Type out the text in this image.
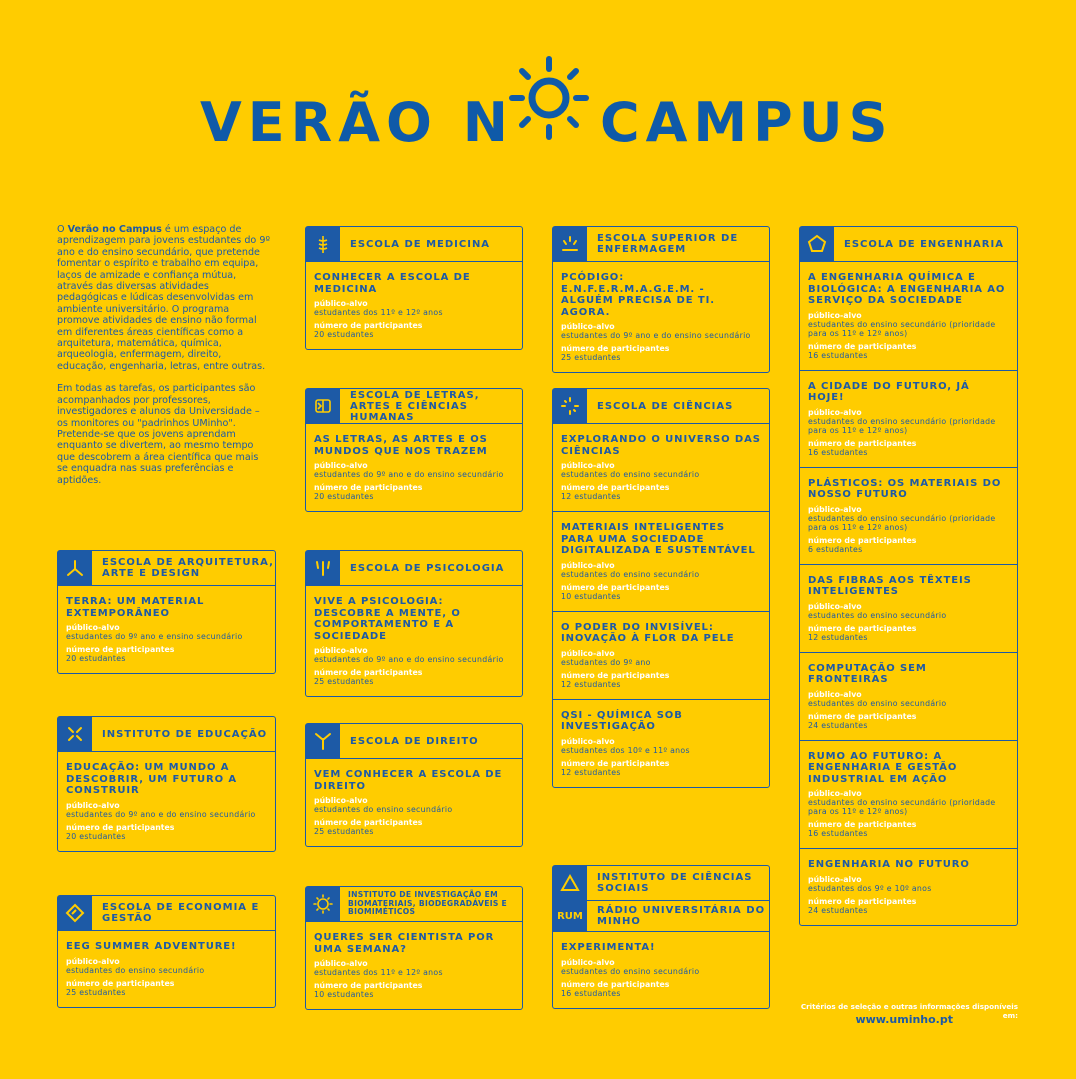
VERÃO N CAMPUS

O Verão no Campus é um espaço de aprendizagem para jovens estudantes do 9º ano e do ensino secundário, que pretende fomentar o espírito e trabalho em equipa, laços de amizade e confiança mútua, através das diversas atividades pedagógicas e lúdicas desenvolvidas em ambiente universitário. O programa promove atividades de ensino não formal em diferentes áreas científicas como a arquitetura, matemática, química, arqueologia, enfermagem, direito, educação, engenharia, letras, entre outras.

Em todas as tarefas, os participantes são acompanhados por professores, investigadores e alunos da Universidade – os monitores ou "padrinhos UMinho". Pretende-se que os jovens aprendam enquanto se divertem, ao mesmo tempo que descobrem a área científica que mais se enquadra nas suas preferências e aptidões.

ESCOLA DE MEDICINA
CONHECER A ESCOLA DE MEDICINA
público-alvo
estudantes dos 11º e 12º anos
número de participantes
20 estudantes
ESCOLA DE LETRAS, ARTES E CIÊNCIAS HUMANAS
AS LETRAS, AS ARTES E OS MUNDOS QUE NOS TRAZEM
público-alvo
estudantes do 9º ano e do ensino secundário
número de participantes
20 estudantes
ESCOLA DE ARQUITETURA, ARTE E DESIGN
TERRA: UM MATERIAL EXTEMPORÂNEO
público-alvo
estudantes do 9º ano e ensino secundário
número de participantes
20 estudantes
ESCOLA DE PSICOLOGIA
VIVE A PSICOLOGIA: DESCOBRE A MENTE, O COMPORTAMENTO E A SOCIEDADE
público-alvo
estudantes do 9º ano e do ensino secundário
número de participantes
25 estudantes
INSTITUTO DE EDUCAÇÃO
EDUCAÇÃO: UM MUNDO A DESCOBRIR, UM FUTURO A CONSTRUIR
público-alvo
estudantes do 9º ano e do ensino secundário
número de participantes
20 estudantes
ESCOLA DE DIREITO
VEM CONHECER A ESCOLA DE DIREITO
público-alvo
estudantes do ensino secundário
número de participantes
25 estudantes
ESCOLA DE ECONOMIA E GESTÃO
EEG SUMMER ADVENTURE!
público-alvo
estudantes do ensino secundário
número de participantes
25 estudantes
INSTITUTO DE INVESTIGAÇÃO EM BIOMATERIAIS, BIODEGRADÁVEIS E BIOMIMÉTICOS
QUERES SER CIENTISTA POR UMA SEMANA?
público-alvo
estudantes dos 11º e 12º anos
número de participantes
10 estudantes
ESCOLA SUPERIOR DE ENFERMAGEM
PCÓDIGO: E.N.F.E.R.M.A.G.E.M. - ALGUÉM PRECISA DE TI. AGORA.
público-alvo
estudantes do 9º ano e do ensino secundário
número de participantes
25 estudantes
ESCOLA DE CIÊNCIAS
EXPLORANDO O UNIVERSO DAS CIÊNCIAS
público-alvo
estudantes do ensino secundário
número de participantes
12 estudantes
MATERIAIS INTELIGENTES PARA UMA SOCIEDADE DIGITALIZADA E SUSTENTÁVEL
público-alvo
estudantes do ensino secundário
número de participantes
10 estudantes
O PODER DO INVISÍVEL: INOVAÇÃO À FLOR DA PELE
público-alvo
estudantes do 9º ano
número de participantes
12 estudantes
QSI - QUÍMICA SOB INVESTIGAÇÃO
público-alvo
estudantes dos 10º e 11º anos
número de participantes
12 estudantes
INSTITUTO DE CIÊNCIAS SOCIAIS
RUM	RÁDIO UNIVERSITÁRIA DO MINHO
EXPERIMENTA!
público-alvo
estudantes do ensino secundário
número de participantes
16 estudantes
ESCOLA DE ENGENHARIA
A ENGENHARIA QUÍMICA E BIOLÓGICA: A ENGENHARIA AO SERVIÇO DA SOCIEDADE
público-alvo
estudantes do ensino secundário (prioridade para os 11º e 12º anos)
número de participantes
16 estudantes
A CIDADE DO FUTURO, JÁ HOJE!
público-alvo
estudantes do ensino secundário (prioridade para os 11º e 12º anos)
número de participantes
16 estudantes
PLÁSTICOS: OS MATERIAIS DO NOSSO FUTURO
público-alvo
estudantes do ensino secundário (prioridade para os 11º e 12º anos)
número de participantes
6 estudantes
DAS FIBRAS AOS TÊXTEIS INTELIGENTES
público-alvo
estudantes do ensino secundário
número de participantes
12 estudantes
COMPUTAÇÃO SEM FRONTEIRAS
público-alvo
estudantes do ensino secundário
número de participantes
24 estudantes
RUMO AO FUTURO: A ENGENHARIA E GESTÃO INDUSTRIAL EM AÇÃO
público-alvo
estudantes do ensino secundário (prioridade para os 11º e 12º anos)
número de participantes
16 estudantes
ENGENHARIA NO FUTURO
público-alvo
estudantes dos 9º e 10º anos
número de participantes
24 estudantes
Critérios de seleção e outras informações disponíveis em:
www.uminho.pt
